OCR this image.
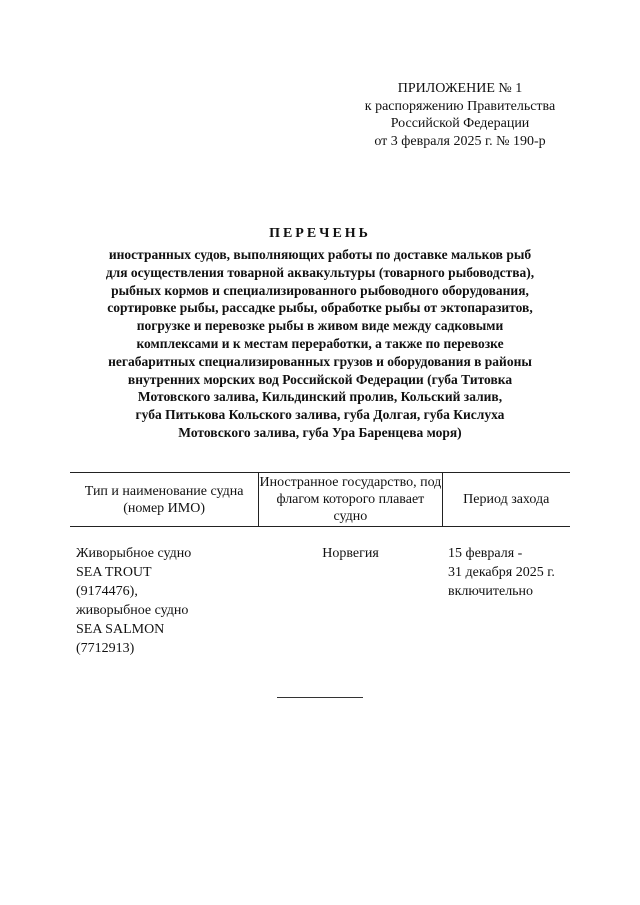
ПРИЛОЖЕНИЕ № 1
к распоряжению Правительства
Российской Федерации
от 3 февраля 2025 г. № 190-р
ПЕРЕЧЕНЬ
иностранных судов, выполняющих работы по доставке мальков рыб
для осуществления товарной аквакультуры (товарного рыбоводства),
рыбных кормов и специализированного рыбоводного оборудования,
сортировке рыбы, рассадке рыбы, обработке рыбы от эктопаразитов,
погрузке и перевозке рыбы в живом виде между садковыми
комплексами и к местам переработки, а также по перевозке
негабаритных специализированных грузов и оборудования в районы
внутренних морских вод Российской Федерации (губа Титовка
Мотовского залива, Кильдинский пролив, Кольский залив,
губа Питькова Кольского залива, губа Долгая, губа Кислуха
Мотовского залива, губа Ура Баренцева моря)
Тип и наименование судна (номер ИМО)
Иностранное государство, под флагом которого плавает судно
Период захода
Живорыбное судно
SEA TROUT
(9174476),
живорыбное судно
SEA SALMON
(7712913)
Норвегия	15 февраля -
31 декабря 2025 г.
включительно
